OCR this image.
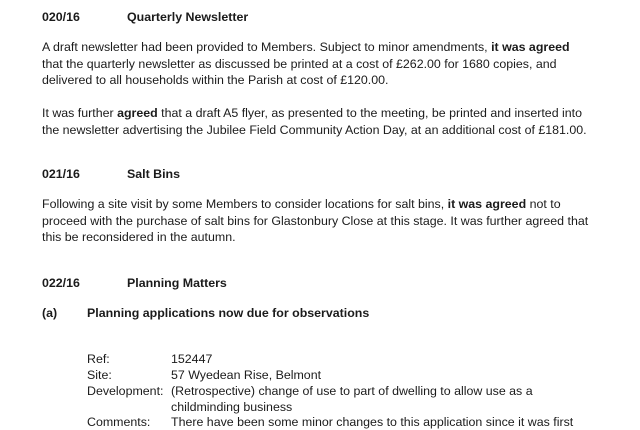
020/16	Quarterly Newsletter
A draft newsletter had been provided to Members. Subject to minor amendments, it was agreed
that the quarterly newsletter as discussed be printed at a cost of £262.00 for 1680 copies, and
delivered to all households within the Parish at cost of £120.00.
It was further agreed that a draft A5 flyer, as presented to the meeting, be printed and inserted into
the newsletter advertising the Jubilee Field Community Action Day, at an additional cost of £181.00.
021/16	Salt Bins
Following a site visit by some Members to consider locations for salt bins, it was agreed not to
proceed with the purchase of salt bins for Glastonbury Close at this stage. It was further agreed that
this be reconsidered in the autumn.
022/16	Planning Matters
(a) Planning applications now due for observations
Ref:	152447
Site:	57 Wyedean Rise, Belmont
Development: (Retrospective) change of use to part of dwelling to allow use as a
childminding business
Comments: There have been some minor changes to this application since it was first
